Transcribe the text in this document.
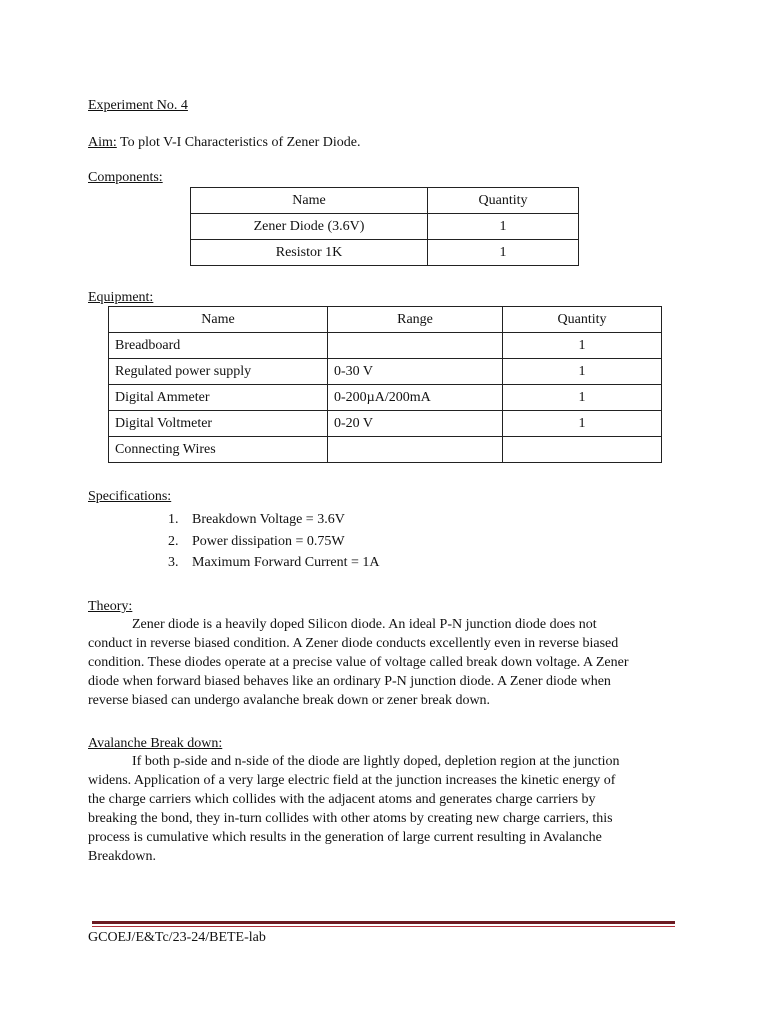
Experiment No. 4
Aim: To plot V-I Characteristics of Zener Diode.
Components:
Name	Quantity
Zener Diode (3.6V)	1
Resistor 1K	1
Equipment:
Name	Range	Quantity
Breadboard		1
Regulated power supply	0-30 V	1
Digital Ammeter	0-200µA/200mA	1
Digital Voltmeter	0-20 V	1
Connecting Wires		
Specifications:
1. Breakdown Voltage = 3.6V
2. Power dissipation = 0.75W
3. Maximum Forward Current = 1A
Theory:
Zener diode is a heavily doped Silicon diode. An ideal P-N junction diode does not
conduct in reverse biased condition. A Zener diode conducts excellently even in reverse biased
condition. These diodes operate at a precise value of voltage called break down voltage. A Zener
diode when forward biased behaves like an ordinary P-N junction diode. A Zener diode when
reverse biased can undergo avalanche break down or zener break down.
Avalanche Break down:
If both p-side and n-side of the diode are lightly doped, depletion region at the junction
widens. Application of a very large electric field at the junction increases the kinetic energy of
the charge carriers which collides with the adjacent atoms and generates charge carriers by
breaking the bond, they in-turn collides with other atoms by creating new charge carriers, this
process is cumulative which results in the generation of large current resulting in Avalanche
Breakdown.
GCOEJ/E&Tc/23-24/BETE-lab
